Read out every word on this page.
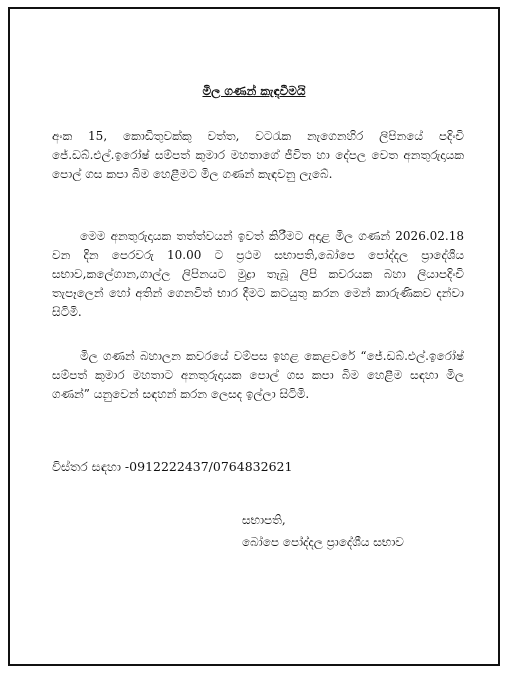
මිල ගණන් කැඳවීමයි

අංක 15, කොඩිතුවක්කු වත්ත, වටරැක නැගෙනහිර ලිපිනයේ පදිංචි ජේ.ඩබ්.එල්.ඉරෝෂ් සම්පත් කුමාර මහතාගේ ජීවිත හා දේපල වෙත අනතුරුදායක පොල් ගස කපා බිම හෙළීමට මිල ගණන් කැඳවනු ලැබේ.

මෙම අනතුරුදායක තත්ත්වයන් ඉවත් කිරීමට අදාළ මිල ගණන් 2026.02.18 වන දින පෙරවරු 10.00 ට ප්‍රථම සභාපති,බෝපෙ පෝද්දල ප්‍රාදේශීය සභාව,කලේගාන,ගාල්ල ලිපිනයට මුද්‍රා තැබූ ලිපි කවරයක බහා ලියාපදිංචි තැපෑලෙන් හෝ අතින් ගෙනවිත් භාර දීමට කටයුතු කරන මෙන් කාරුණිකව දන්වා සිටිමි.

මිල ගණන් බහාලන කවරයේ වම්පස ඉහළ කෙළවරේ “ජේ.ඩබ්.එල්.ඉරෝෂ් සම්පත් කුමාර මහතාට අනතුරුදායක පොල් ගස කපා බිම හෙළීම සඳහා මිල ගණන්” යනුවෙන් සඳහන් කරන ලෙසද ඉල්ලා සිටිමි.

විස්තර සඳහා -0912222437/0764832621
සභාපති,
බෝපෙ පෝද්දල ප්‍රාදේශීය සභාව
